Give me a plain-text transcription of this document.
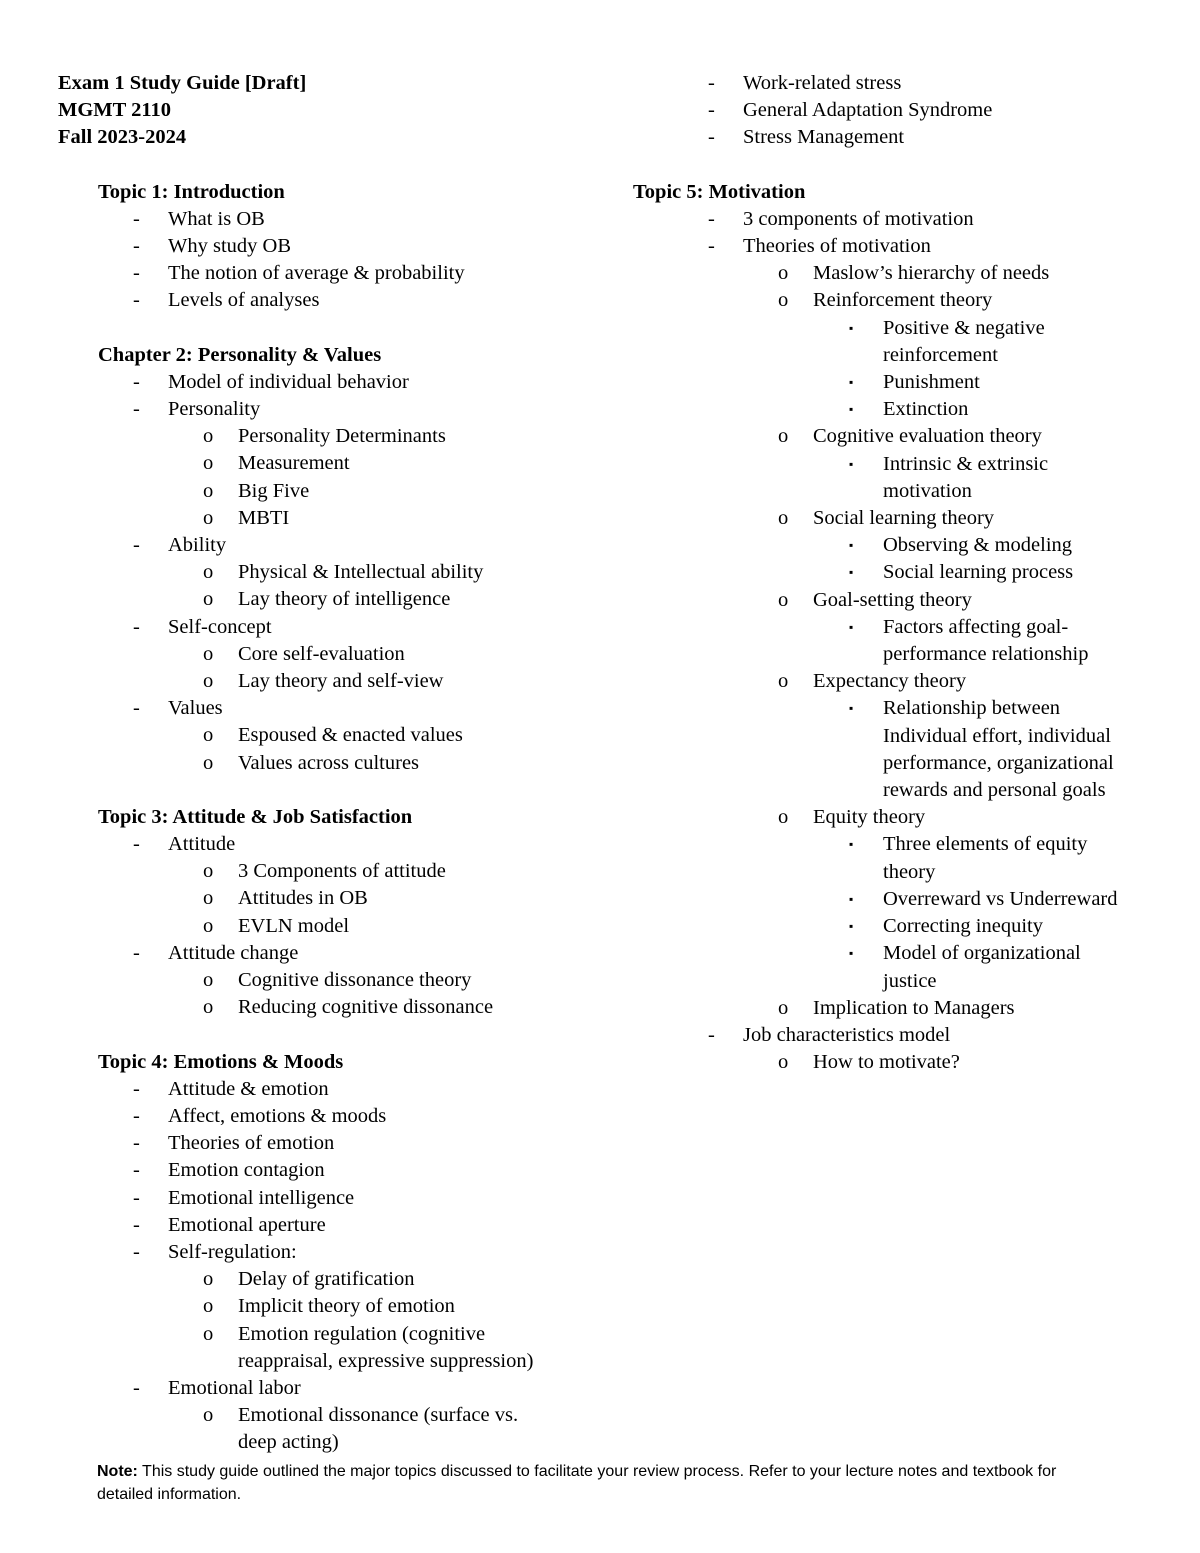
Exam 1 Study Guide [Draft]
MGMT 2110
Fall 2023-2024
Topic 1: Introduction
- What is OB
- Why study OB
- The notion of average & probability
- Levels of analyses
Chapter 2: Personality & Values
- Model of individual behavior
- Personality
o Personality Determinants
o Measurement
o Big Five
o MBTI
- Ability
o Physical & Intellectual ability
o Lay theory of intelligence
- Self-concept
o Core self-evaluation
o Lay theory and self-view
- Values
o Espoused & enacted values
o Values across cultures
Topic 3: Attitude & Job Satisfaction
- Attitude
o 3 Components of attitude
o Attitudes in OB
o EVLN model
- Attitude change
o Cognitive dissonance theory
o Reducing cognitive dissonance
Topic 4: Emotions & Moods
- Attitude & emotion
- Affect, emotions & moods
- Theories of emotion
- Emotion contagion
- Emotional intelligence
- Emotional aperture
- Self-regulation:
o Delay of gratification
o Implicit theory of emotion
o Emotion regulation (cognitive
reappraisal, expressive suppression)
- Emotional labor
o Emotional dissonance (surface vs.
deep acting)
- Work-related stress
- General Adaptation Syndrome
- Stress Management
Topic 5: Motivation
- 3 components of motivation
- Theories of motivation
o Maslow’s hierarchy of needs
o Reinforcement theory
▪ Positive & negative
reinforcement
▪ Punishment
▪ Extinction
o Cognitive evaluation theory
▪ Intrinsic & extrinsic
motivation
o Social learning theory
▪ Observing & modeling
▪ Social learning process
o Goal-setting theory
▪ Factors affecting goal-
performance relationship
o Expectancy theory
▪ Relationship between
Individual effort, individual
performance, organizational
rewards and personal goals
o Equity theory
▪ Three elements of equity
theory
▪ Overreward vs Underreward
▪ Correcting inequity
▪ Model of organizational
justice
o Implication to Managers
- Job characteristics model
o How to motivate?
Note: This study guide outlined the major topics discussed to facilitate your review process. Refer to your lecture notes and textbook for detailed information.
